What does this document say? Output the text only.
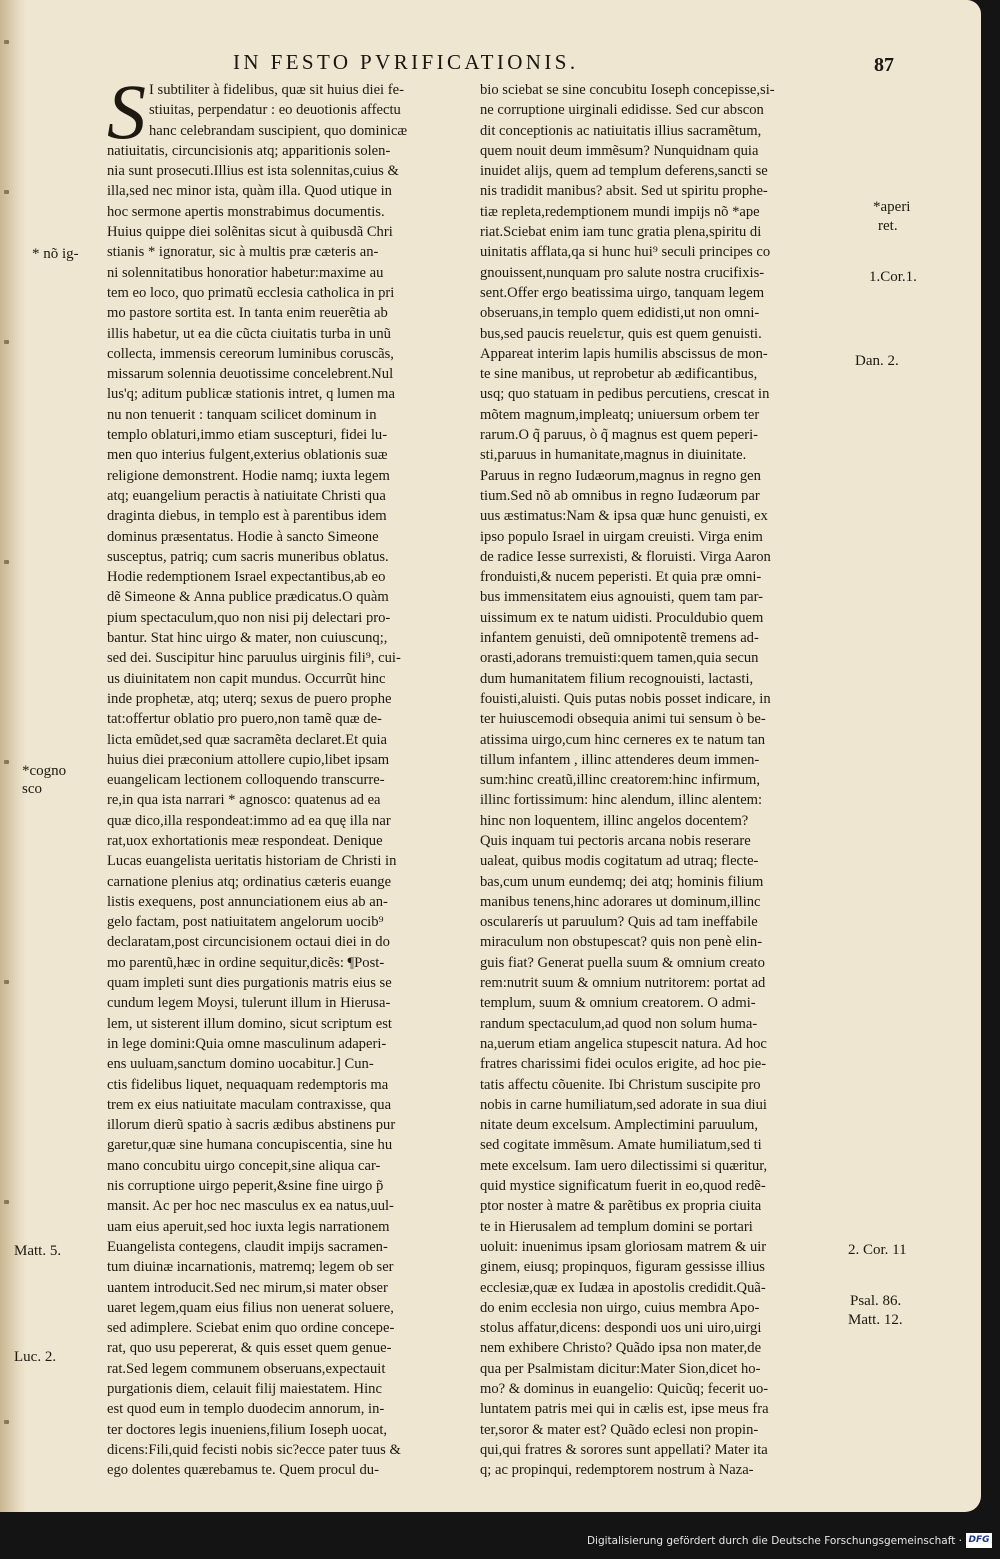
IN FESTO PVRIFICATIONIS.	87
S I subtiliter à fidelibus, quæ sit huius diei fe-
stiuitas, perpendatur : eo deuotionis affectu
hanc celebrandam suscipient, quo dominicæ
natiuitatis, circuncisionis atq; apparitionis solen-
nia sunt prosecuti.Illius est ista solennitas,cuius &
illa,sed nec minor ista, quàm illa. Quod utique in
hoc sermone apertis monstrabimus documentis.
Huius quippe diei solẽnitas sicut à quibusdã Chri
stianis * ignoratur, sic à multis præ cæteris an-
ni solennitatibus honoratior habetur:maxime au
tem eo loco, quo primatũ ecclesia catholica in pri
mo pastore sortita est. In tanta enim reuerẽtia ab
illis habetur, ut ea die cũcta ciuitatis turba in unũ
collecta, immensis cereorum luminibus coruscãs,
missarum solennia deuotissime concelebrent.Nul
lus'q; aditum publicæ stationis intret, q lumen ma
nu non tenuerit : tanquam scilicet dominum in
templo oblaturi,immo etiam suscepturi, fidei lu-
men quo interius fulgent,exterius oblationis suæ
religione demonstrent. Hodie namq; iuxta legem
atq; euangelium peractis à natiuitate Christi qua
draginta diebus, in templo est à parentibus idem
dominus præsentatus. Hodie à sancto Simeone
susceptus, patriq; cum sacris muneribus oblatus.
Hodie redemptionem Israel expectantibus,ab eo
dẽ Simeone & Anna publice prædicatus.O quàm
pium spectaculum,quo non nisi pij delectari pro-
bantur. Stat hinc uirgo & mater, non cuiuscunq;,
sed dei. Suscipitur hinc paruulus uirginis fili⁹, cui-
us diuinitatem non capit mundus. Occurrũt hinc
inde prophetæ, atq; uterq; sexus de puero prophe
tat:offertur oblatio pro puero,non tamẽ quæ de-
licta emũdet,sed quæ sacramẽta declaret.Et quia
huius diei præconium attollere cupio,libet ipsam
euangelicam lectionem colloquendo transcurre-
re,in qua ista narrari * agnosco: quatenus ad ea
quæ dico,illa respondeat:immo ad ea quę illa nar
rat,uox exhortationis meæ respondeat. Denique
Lucas euangelista ueritatis historiam de Christi in
carnatione plenius atq; ordinatius cæteris euange
listis exequens, post annunciationem eius ab an-
gelo factam, post natiuitatem angelorum uocib⁹
declaratam,post circuncisionem octaui diei in do
mo parentũ,hæc in ordine sequitur,dicẽs: ¶Post-
quam impleti sunt dies purgationis matris eius se
cundum legem Moysi, tulerunt illum in Hierusa-
lem, ut sisterent illum domino, sicut scriptum est
in lege domini:Quia omne masculinum adaperi-
ens uuluam,sanctum domino uocabitur.] Cun-
ctis fidelibus liquet, nequaquam redemptoris ma
trem ex eius natiuitate maculam contraxisse, qua
illorum dierũ spatio à sacris ædibus abstinens pur
garetur,quæ sine humana concupiscentia, sine hu
mano concubitu uirgo concepit,sine aliqua car-
nis corruptione uirgo peperit,&sine fine uirgo p̃
mansit. Ac per hoc nec masculus ex ea natus,uul-
uam eius aperuit,sed hoc iuxta legis narrationem
Euangelista contegens, claudit impijs sacramen-
tum diuinæ incarnationis, matremq; legem ob ser
uantem introducit.Sed nec mirum,si mater obser
uaret legem,quam eius filius non uenerat soluere,
sed adimplere. Sciebat enim quo ordine concepe-
rat, quo usu pepererat, & quis esset quem genue-
rat.Sed legem communem obseruans,expectauit
purgationis diem, celauit filij maiestatem. Hinc
est quod eum in templo duodecim annorum, in-
ter doctores legis inueniens,filium Ioseph uocat,
dicens:Fili,quid fecisti nobis sic?ecce pater tuus &
ego dolentes quærebamus te. Quem procul du-
bio sciebat se sine concubitu Ioseph concepisse,si-
ne corruptione uirginali edidisse. Sed cur abscon
dit conceptionis ac natiuitatis illius sacramẽtum,
quem nouit deum immẽsum? Nunquidnam quia
inuidet alijs, quem ad templum deferens,sancti se
nis tradidit manibus? absit. Sed ut spiritu prophe-
tiæ repleta,redemptionem mundi impijs nõ *ape
riat.Sciebat enim iam tunc gratia plena,spiritu di
uinitatis afflata,qa si hunc hui⁹ seculi principes co
gnouissent,nunquam pro salute nostra crucifixis-
sent.Offer ergo beatissima uirgo, tanquam legem
obseruans,in templo quem edidisti,ut non omni-
bus,sed paucis reuelετur, quis est quem genuisti.
Appareat interim lapis humilis abscissus de mon-
te sine manibus, ut reprobetur ab ædificantibus,
usq; quo statuam in pedibus percutiens, crescat in
mõtem magnum,impleatq; uniuersum orbem ter
rarum.O q̃ paruus, ò q̃ magnus est quem peperi-
sti,paruus in humanitate,magnus in diuinitate.
Paruus in regno Iudæorum,magnus in regno gen
tium.Sed nõ ab omnibus in regno Iudæorum par
uus æstimatus:Nam & ipsa quæ hunc genuisti, ex
ipso populo Israel in uirgam creuisti. Virga enim
de radice Iesse surrexisti, & floruisti. Virga Aaron
fronduisti,& nucem peperisti. Et quia præ omni-
bus immensitatem eius agnouisti, quem tam par-
uissimum ex te natum uidisti. Proculdubio quem
infantem genuisti, deũ omnipotentẽ tremens ad-
orasti,adorans tremuisti:quem tamen,quia secun
dum humanitatem filium recognouisti, lactasti,
fouisti,aluisti. Quis putas nobis posset indicare, in
ter huiuscemodi obsequia animi tui sensum ò be-
atissima uirgo,cum hinc cerneres ex te natum tan
tillum infantem , illinc attenderes deum immen-
sum:hinc creatũ,illinc creatorem:hinc infirmum,
illinc fortissimum: hinc alendum, illinc alentem:
hinc non loquentem, illinc angelos docentem?
Quis inquam tui pectoris arcana nobis reserare
ualeat, quibus modis cogitatum ad utraq; flecte-
bas,cum unum eundemq; dei atq; hominis filium
manibus tenens,hinc adorares ut dominum,illinc
oscularerís ut paruulum? Quis ad tam ineffabile
miraculum non obstupescat? quis non penè elin-
guis fiat? Generat puella suum & omnium creato
rem:nutrit suum & omnium nutritorem: portat ad
templum, suum & omnium creatorem. O admi-
randum spectaculum,ad quod non solum huma-
na,uerum etiam angelica stupescit natura. Ad hoc
fratres charissimi fidei oculos erigite, ad hoc pie-
tatis affectu cõuenite. Ibi Christum suscipite pro
nobis in carne humiliatum,sed adorate in sua diui
nitate deum excelsum. Amplectimini paruulum,
sed cogitate immẽsum. Amate humiliatum,sed ti
mete excelsum. Iam uero dilectissimi si quæritur,
quid mystice significatum fuerit in eo,quod redẽ-
ptor noster à matre & parẽtibus ex propria ciuita
te in Hierusalem ad templum domini se portari
uoluit: inuenimus ipsam gloriosam matrem & uir
ginem, eiusq; propinquos, figuram gessisse illius
ecclesiæ,quæ ex Iudæa in apostolis credidit.Quã-
do enim ecclesia non uirgo, cuius membra Apo-
stolus affatur,dicens: despondi uos uni uiro,uirgi
nem exhibere Christo? Quãdo ipsa non mater,de
qua per Psalmistam dicitur:Mater Sion,dicet ho-
mo? & dominus in euangelio: Quicũq; fecerit uo-
luntatem patris mei qui in cælis est, ipse meus fra
ter,soror & mater est? Quãdo eclesi non propin-
qui,qui fratres & sorores sunt appellati? Mater ita
q; ac propinqui, redemptorem nostrum à Naza-
* nõ ig-
*cogno
sco
Matt. 5.
Luc. 2.
*aperi
ret.
1.Cor.1.
Dan. 2.
2. Cor. 11
Psal. 86.
Matt. 12.
Digitalisierung gefördert durch die Deutsche Forschungsgemeinschaft · DFG
